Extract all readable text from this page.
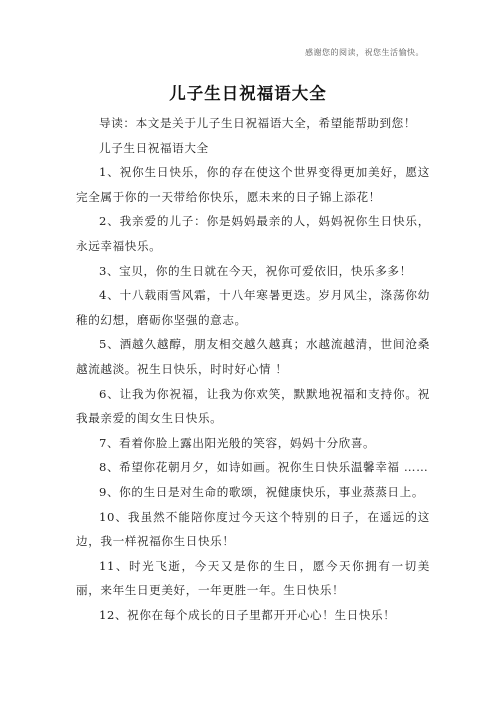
感谢您的阅读，祝您生活愉快。
儿子生日祝福语大全

导读：本文是关于儿子生日祝福语大全，希望能帮助到您！

儿子生日祝福语大全

1、祝你生日快乐，你的存在使这个世界变得更加美好，愿这完全属于你的一天带给你快乐，愿未来的日子锦上添花！

2、我亲爱的儿子：你是妈妈最亲的人，妈妈祝你生日快乐，永远幸福快乐。

3、宝贝，你的生日就在今天，祝你可爱依旧，快乐多多！

4、十八载雨雪风霜，十八年寒暑更迭。岁月风尘，涤荡你幼稚的幻想，磨砺你坚强的意志。

5、酒越久越醇，朋友相交越久越真；水越流越清，世间沧桑越流越淡。祝生日快乐，时时好心情 ！

6、让我为你祝福，让我为你欢笑，默默地祝福和支持你。祝我最亲爱的闺女生日快乐。

7、看着你脸上露出阳光般的笑容，妈妈十分欣喜。

8、希望你花朝月夕，如诗如画。祝你生日快乐温馨幸福 ……

9、你的生日是对生命的歌颂，祝健康快乐，事业蒸蒸日上。

10、我虽然不能陪你度过今天这个特别的日子，在遥远的这边，我一样祝福你生日快乐！

11、时光飞逝，今天又是你的生日，愿今天你拥有一切美丽，来年生日更美好，一年更胜一年。生日快乐！

12、祝你在每个成长的日子里都开开心心！生日快乐！
